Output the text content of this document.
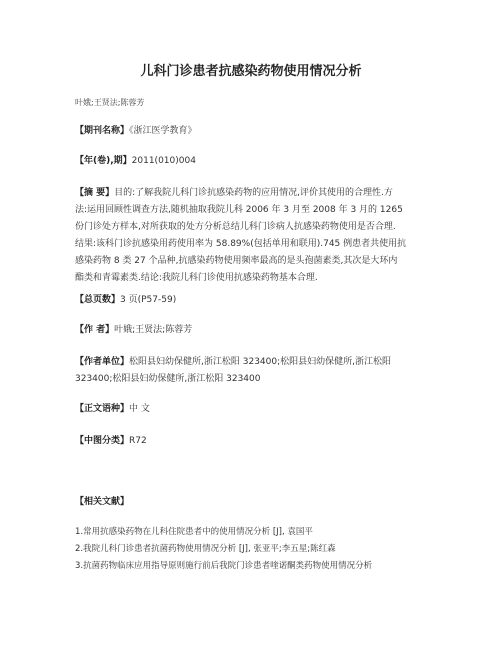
儿科门诊患者抗感染药物使用情况分析
叶娥;王贤法;陈蓉芳
【期刊名称】《浙江医学教育》
【年(卷),期】2011(010)004
【摘 要】目的:了解我院儿科门诊抗感染药物的应用情况,评价其使用的合理性.方
法:运用回顾性调查方法,随机抽取我院儿科 2006 年 3 月至 2008 年 3 月的 1265
份门诊处方样本,对所获取的处方分析总结儿科门诊病人抗感染药物使用是否合理.
结果:该科门诊抗感染用药使用率为 58.89%(包括单用和联用).745 例患者共使用抗
感染药物 8 类 27 个品种,抗感染药物使用频率最高的是头孢菌素类,其次是大环内
酯类和青霉素类.结论:我院儿科门诊使用抗感染药物基本合理.
【总页数】3 页(P57-59)
【作 者】叶娥;王贤法;陈蓉芳
【作者单位】松阳县妇幼保健所,浙江松阳 323400;松阳县妇幼保健所,浙江松阳
323400;松阳县妇幼保健所,浙江松阳 323400
【正文语种】中 文
【中图分类】R72
【相关文献】
1.常用抗感染药物在儿科住院患者中的使用情况分析 [J], 袁国平
2.我院儿科门诊患者抗菌药物使用情况分析 [J], 张亚平;李五星;陈红森
3.抗菌药物临床应用指导原则施行前后我院门诊患者喹诺酮类药物使用情况分析
